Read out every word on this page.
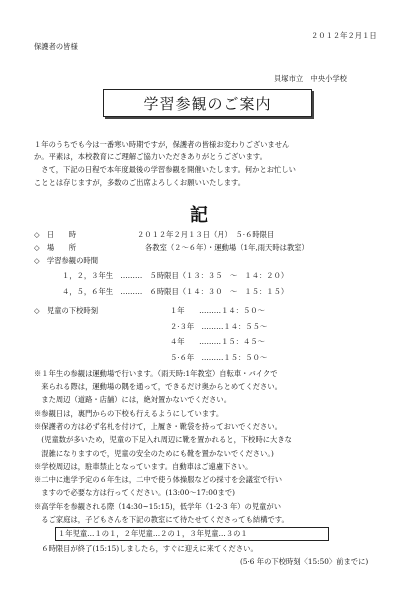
２０１２年２月１日
保護者の皆様
貝塚市立　中央小学校
学習参観のご案内
１年のうちでも今は一番寒い時期ですが，保護者の皆様お変わりございません
か。平素は，本校教育にご理解ご協力いただきありがとうございます。
　さて，下記の日程で本年度最後の学習参観を開催いたします。何かとお忙しい
こととは存じますが，多数のご出席よろしくお願いいたします。
記
◇　日　　時	２０１２年２月１３日（月）　５·６時限目
◇　場　　所	各教室（２～６年）・運動場（1年,雨天時は教室）
◇　学習参観の時間
１，２，３年生　………　５時限目（１３：３５　～　１４：２０）
４，５，６年生　………　６時限目（１４：３０　～　１５：１５）
◇　児童の下校時刻	１年　　………１４：５０～
２·３年　………１４：５５～
４年　　………１５：４５～
５·６年　………１５：５０～
※１年生の参観は運動場で行います。（雨天時:1年教室）自転車・バイクで
　来られる際は，運動場の隅を通って，できるだけ奥からとめてください。
　また周辺（道路・店舗）には，絶対置かないでください。
※参観日は，裏門からの下校も行えるようにしています。
※保護者の方は必ず名札を付けて，上履き・靴袋を持っておいでください。
　(児童数が多いため，児童の下足入れ周辺に靴を置かれると，下校時に大きな
　混雑になりますので，児童の安全のためにも靴を置かないでください。)
※学校周辺は，駐車禁止となっています。自動車はご遠慮下さい。
※二中に進学予定の６年生は，二中で使う体操服などの採寸を会議室で行い
　ますので必要な方は行ってください。(13:00～17:00まで)
※高学年を参観される際（14:30~15:15)，低学年（1·2·3 年）の児童がい
　るご家庭は，子どもさんを下記の教室にて待たせてくださっても結構です。
１年児童…１の１，２年児童…２の１，３年児童…３の１
　６時限目が終了(15:15)しましたら，すぐに迎えに来てください。
(5·6 年の下校時刻〈15:50〉前までに)
